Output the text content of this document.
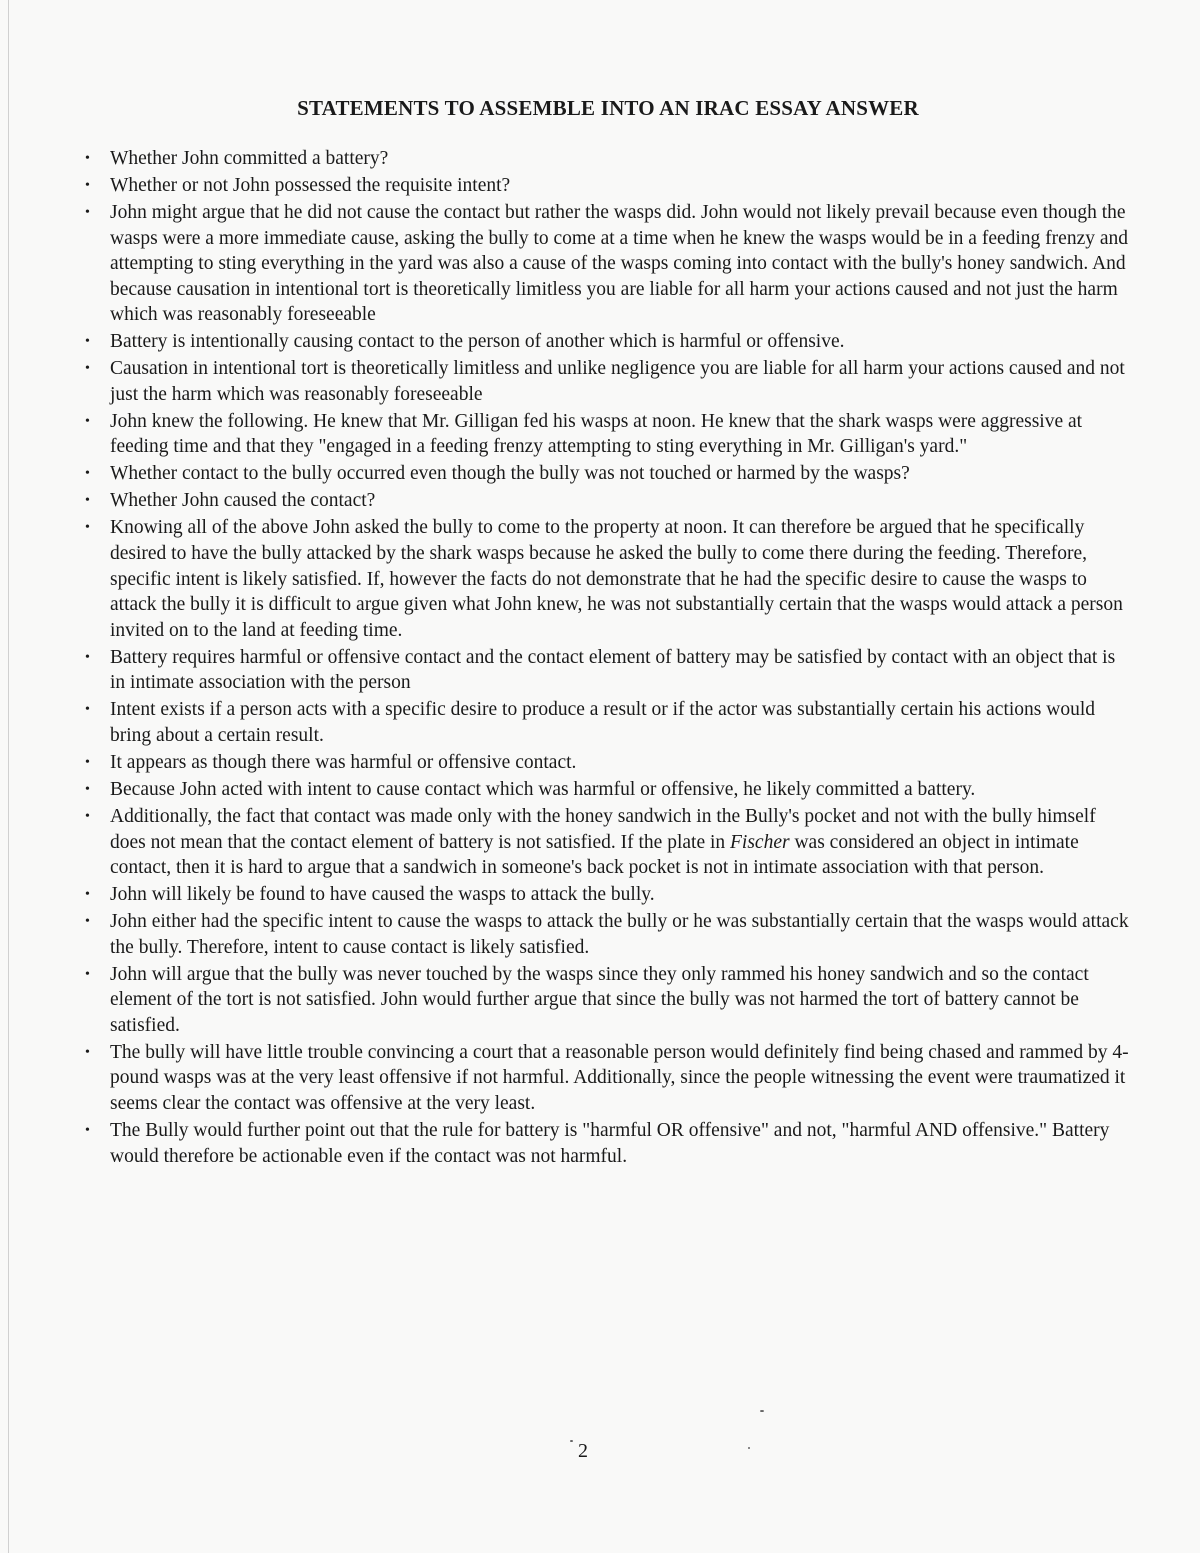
STATEMENTS TO ASSEMBLE INTO AN IRAC ESSAY ANSWER
• Whether John committed a battery?
• Whether or not John possessed the requisite intent?
• John might argue that he did not cause the contact but rather the wasps did. John would not likely prevail because even though the wasps were a more immediate cause, asking the bully to come at a time when he knew the wasps would be in a feeding frenzy and attempting to sting everything in the yard was also a cause of the wasps coming into contact with the bully's honey sandwich. And because causation in intentional tort is theoretically limitless you are liable for all harm your actions caused and not just the harm which was reasonably foreseeable
• Battery is intentionally causing contact to the person of another which is harmful or offensive.
• Causation in intentional tort is theoretically limitless and unlike negligence you are liable for all harm your actions caused and not just the harm which was reasonably foreseeable
• John knew the following. He knew that Mr. Gilligan fed his wasps at noon. He knew that the shark wasps were aggressive at feeding time and that they "engaged in a feeding frenzy attempting to sting everything in Mr. Gilligan's yard."
• Whether contact to the bully occurred even though the bully was not touched or harmed by the wasps?
• Whether John caused the contact?
• Knowing all of the above John asked the bully to come to the property at noon. It can therefore be argued that he specifically desired to have the bully attacked by the shark wasps because he asked the bully to come there during the feeding. Therefore, specific intent is likely satisfied. If, however the facts do not demonstrate that he had the specific desire to cause the wasps to attack the bully it is difficult to argue given what John knew, he was not substantially certain that the wasps would attack a person invited on to the land at feeding time.
• Battery requires harmful or offensive contact and the contact element of battery may be satisfied by contact with an object that is in intimate association with the person
• Intent exists if a person acts with a specific desire to produce a result or if the actor was substantially certain his actions would bring about a certain result.
• It appears as though there was harmful or offensive contact.
• Because John acted with intent to cause contact which was harmful or offensive, he likely committed a battery.
• Additionally, the fact that contact was made only with the honey sandwich in the Bully's pocket and not with the bully himself does not mean that the contact element of battery is not satisfied. If the plate in Fischer was considered an object in intimate contact, then it is hard to argue that a sandwich in someone's back pocket is not in intimate association with that person.
• John will likely be found to have caused the wasps to attack the bully.
• John either had the specific intent to cause the wasps to attack the bully or he was substantially certain that the wasps would attack the bully. Therefore, intent to cause contact is likely satisfied.
• John will argue that the bully was never touched by the wasps since they only rammed his honey sandwich and so the contact element of the tort is not satisfied. John would further argue that since the bully was not harmed the tort of battery cannot be satisfied.
• The bully will have little trouble convincing a court that a reasonable person would definitely find being chased and rammed by 4-pound wasps was at the very least offensive if not harmful. Additionally, since the people witnessing the event were traumatized it seems clear the contact was offensive at the very least.
• The Bully would further point out that the rule for battery is "harmful OR offensive" and not, "harmful AND offensive." Battery would therefore be actionable even if the contact was not harmful.
2
